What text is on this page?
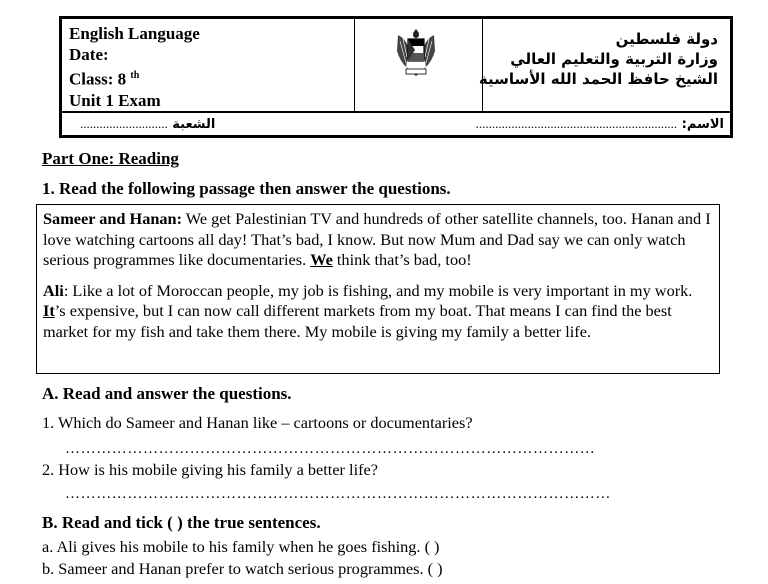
English Language
Date:
Class: 8 $^{th}$
Unit 1 Exam
دولة فلسطين
وزارة التربية والتعليم العالي
الشيخ حافظ الحمد الله الأساسية
الاسم: ..............................................................
الشعبة ...........................
Part One: Reading
1. Read the following passage then answer the questions.

Sameer and Hanan: We get Palestinian TV and hundreds of other satellite channels, too. Hanan and I love watching cartoons all day! That’s bad, I know. But now Mum and Dad say we can only watch serious programmes like documentaries. We think that’s bad, too!

Ali: Like a lot of Moroccan people, my job is fishing, and my mobile is very important in my work. It’s expensive, but I can now call different markets from my boat. That means I can find the best market for my fish and take them there. My mobile is giving my family a better life.

A. Read and answer the questions.
1. Which do Sameer and Hanan like – cartoons or documentaries?
…………………………………………………………………………………………
2. How is his mobile giving his family a better life?
……………………………………………………………………………………………
B. Read and tick ( ) the true sentences.
a. Ali gives his mobile to his family when he goes fishing. ( )
b. Sameer and Hanan prefer to watch serious programmes. ( )
